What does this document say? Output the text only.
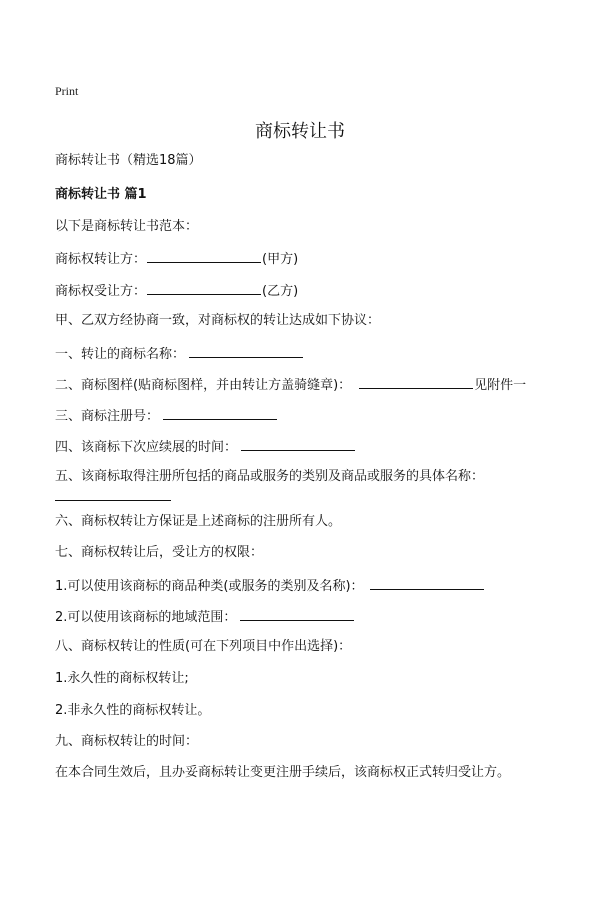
Print
商标转让书
商标转让书（精选18篇）
商标转让书 篇1
以下是商标转让书范本：
商标权转让方：	(甲方)
商标权受让方：	(乙方)
甲、乙双方经协商一致，对商标权的转让达成如下协议：
一、转让的商标名称：
二、商标图样(贴商标图样，并由转让方盖骑缝章)：	见附件一
三、商标注册号：
四、该商标下次应续展的时间：
五、该商标取得注册所包括的商品或服务的类别及商品或服务的具体名称：
六、商标权转让方保证是上述商标的注册所有人。
七、商标权转让后，受让方的权限：
1.可以使用该商标的商品种类(或服务的类别及名称)：
2.可以使用该商标的地域范围：
八、商标权转让的性质(可在下列项目中作出选择)：
1.永久性的商标权转让;
2.非永久性的商标权转让。
九、商标权转让的时间：
在本合同生效后，且办妥商标转让变更注册手续后，该商标权正式转归受让方。
